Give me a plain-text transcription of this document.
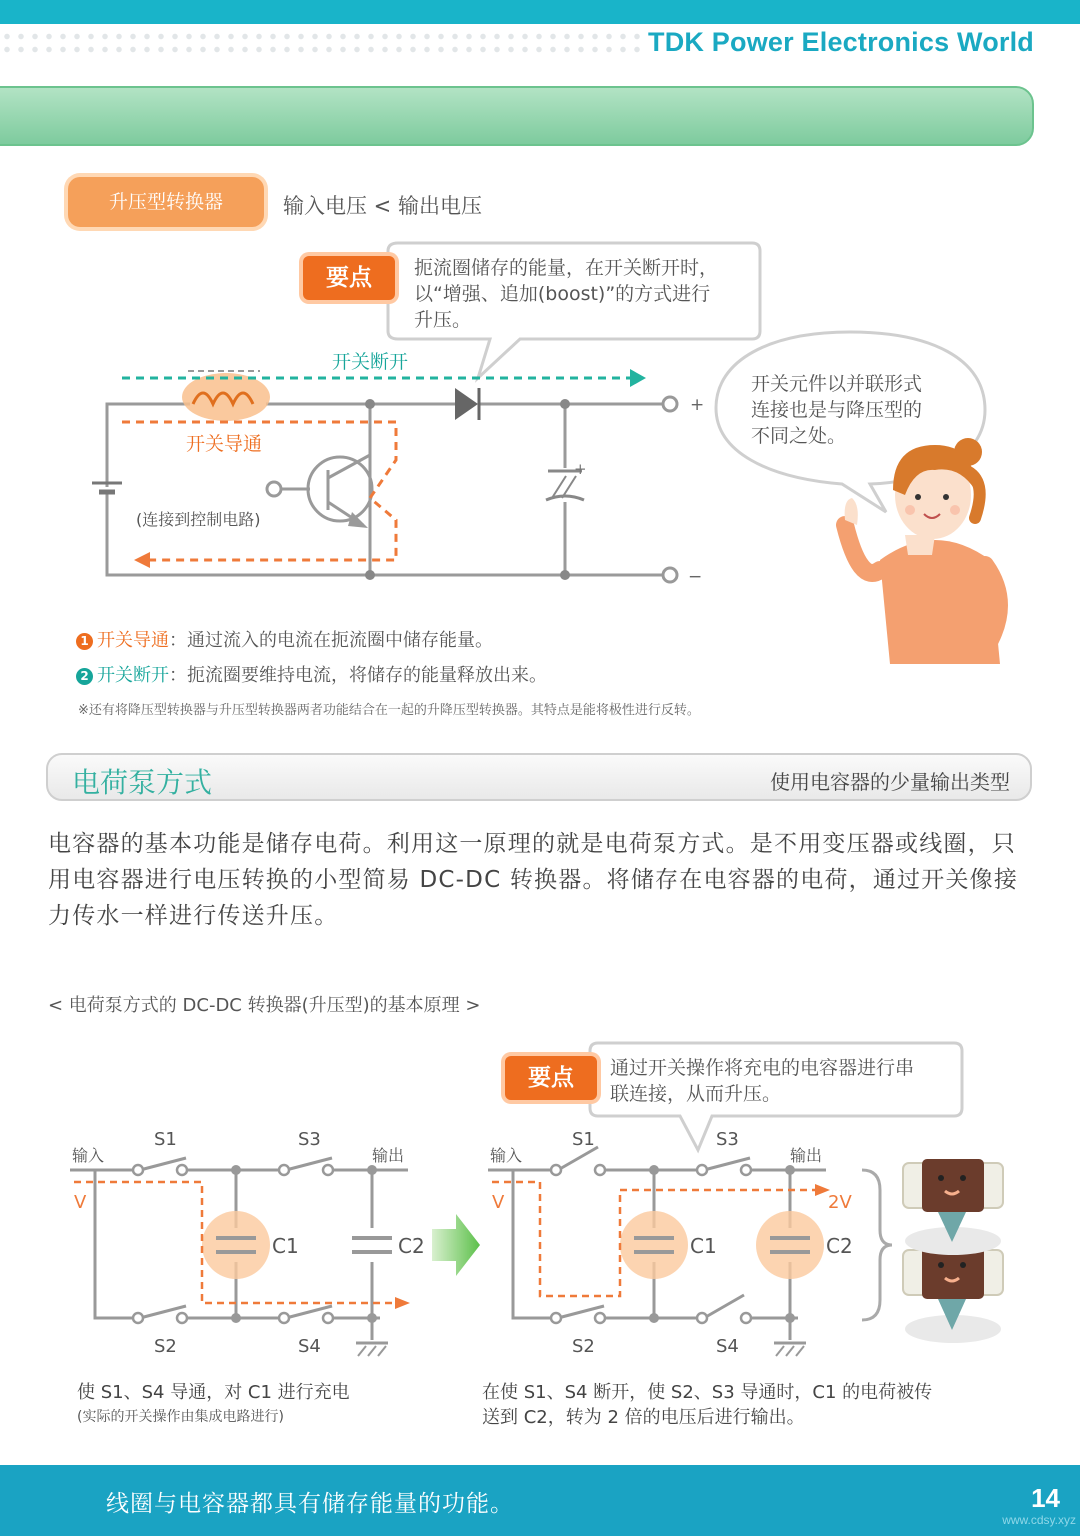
TDK Power Electronics World
升压型转换器	输入电压 < 输出电压
+
+
−
开关断开
开关导通
(连接到控制电路)
要点	扼流圈储存的能量，在开关断开时，
以“增强、追加(boost)”的方式进行
升压。
开关元件以并联形式
连接也是与降压型的
不同之处。
1 开关导通：通过流入的电流在扼流圈中储存能量。
2 开关断开：扼流圈要维持电流，将储存的能量释放出来。
※还有将降压型转换器与升压型转换器两者功能结合在一起的升降压型转换器。其特点是能将极性进行反转。
电荷泵方式	使用电容器的少量输出类型
电容器的基本功能是储存电荷。利用这一原理的就是电荷泵方式。是不用变压器或线圈，只用电容器进行电压转换的小型简易 DC-DC 转换器。将储存在电容器的电荷，通过开关像接力传水一样进行传送升压。
< 电荷泵方式的 DC-DC 转换器(升压型)的基本原理 >
输入	输出
S1	S3
S2	S4
C1	C2
V
输入	输出
S1	S3
S2	S4
C1	C2
V	2V
要点	通过开关操作将充电的电容器进行串
联连接，从而升压。
使 S1、S4 导通，对 C1 进行充电
(实际的开关操作由集成电路进行)
在使 S1、S4 断开，使 S2、S3 导通时，C1 的电荷被传
送到 C2，转为 2 倍的电压后进行输出。
线圈与电容器都具有储存能量的功能。	14
www.cdsy.xyz
